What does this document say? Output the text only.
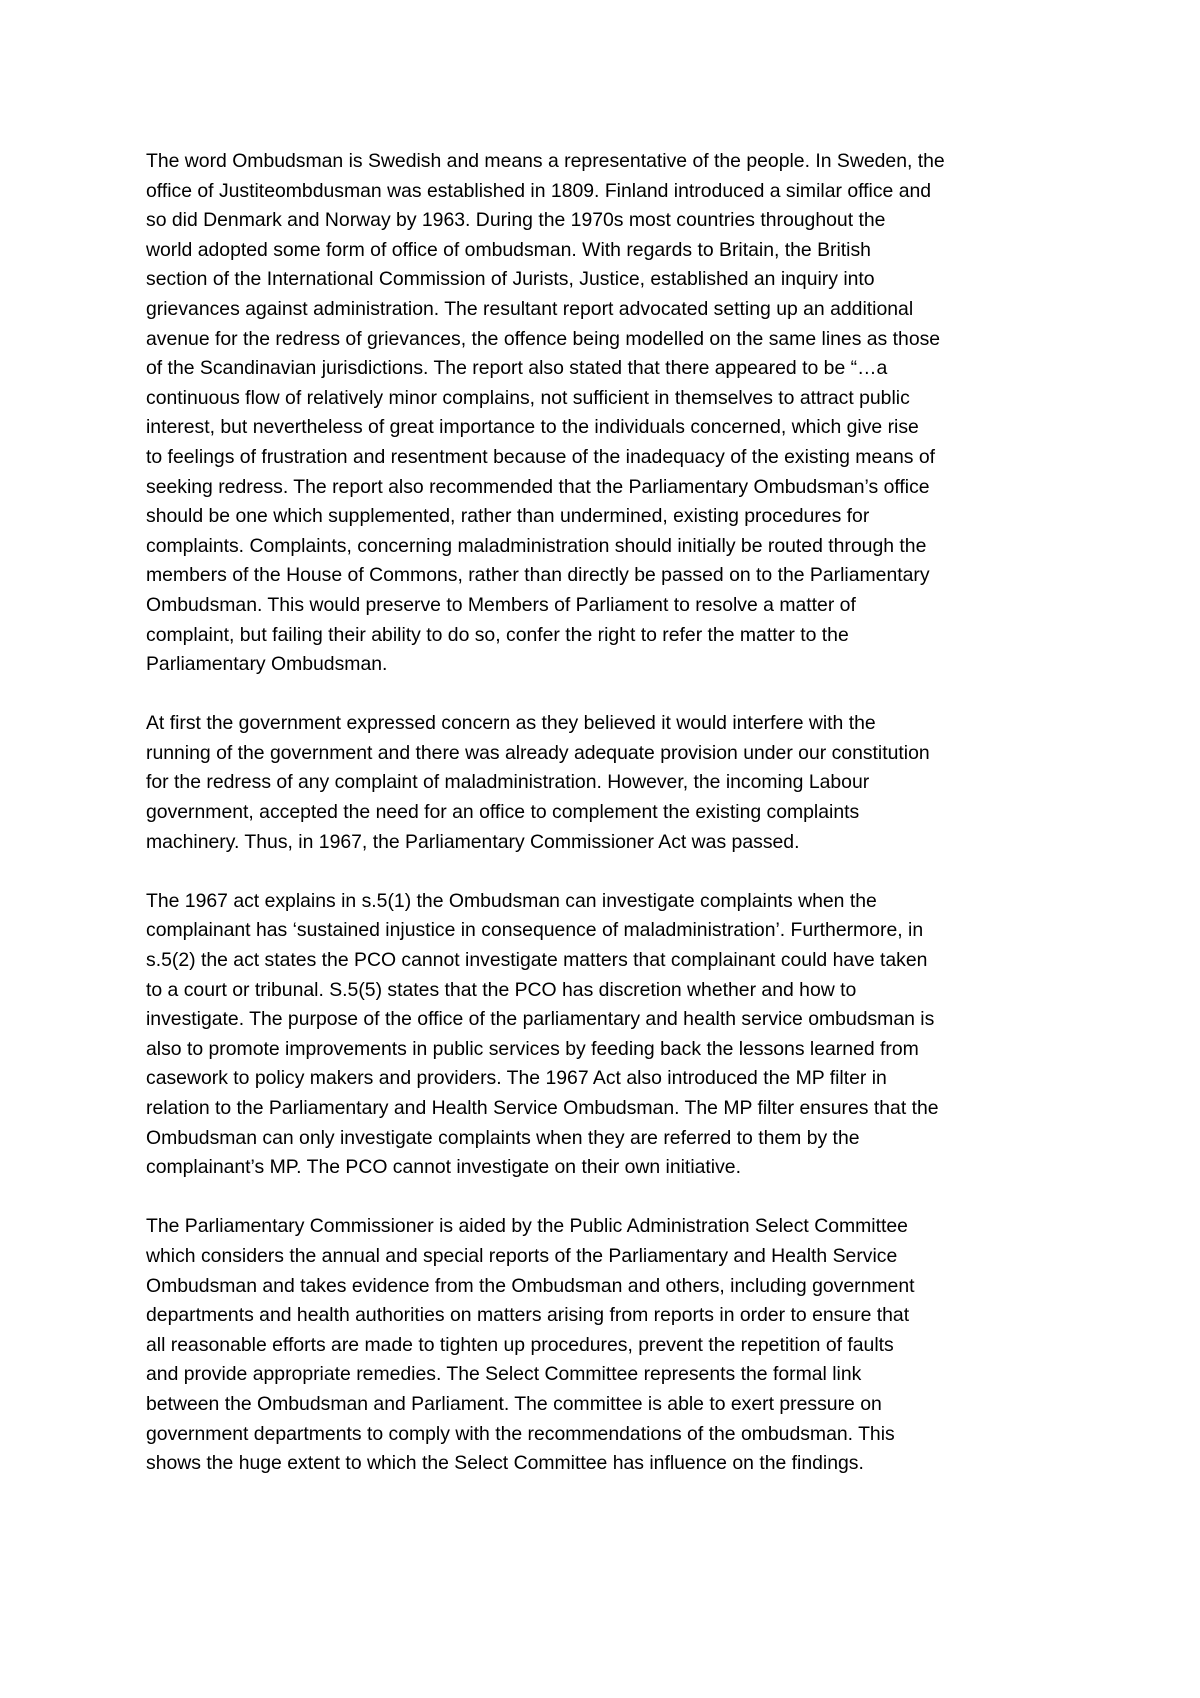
The word Ombudsman is Swedish and means a representative of the people. In Sweden, the
office of Justiteombdusman was established in 1809. Finland introduced a similar office and
so did Denmark and Norway by 1963. During the 1970s most countries throughout the
world adopted some form of office of ombudsman. With regards to Britain, the British
section of the International Commission of Jurists, Justice, established an inquiry into
grievances against administration. The resultant report advocated setting up an additional
avenue for the redress of grievances, the offence being modelled on the same lines as those
of the Scandinavian jurisdictions. The report also stated that there appeared to be “…a
continuous flow of relatively minor complains, not sufficient in themselves to attract public
interest, but nevertheless of great importance to the individuals concerned, which give rise
to feelings of frustration and resentment because of the inadequacy of the existing means of
seeking redress. The report also recommended that the Parliamentary Ombudsman’s office
should be one which supplemented, rather than undermined, existing procedures for
complaints. Complaints, concerning maladministration should initially be routed through the
members of the House of Commons, rather than directly be passed on to the Parliamentary
Ombudsman. This would preserve to Members of Parliament to resolve a matter of
complaint, but failing their ability to do so, confer the right to refer the matter to the
Parliamentary Ombudsman.
At first the government expressed concern as they believed it would interfere with the
running of the government and there was already adequate provision under our constitution
for the redress of any complaint of maladministration. However, the incoming Labour
government, accepted the need for an office to complement the existing complaints
machinery. Thus, in 1967, the Parliamentary Commissioner Act was passed.
The 1967 act explains in s.5(1) the Ombudsman can investigate complaints when the
complainant has ‘sustained injustice in consequence of maladministration’. Furthermore, in
s.5(2) the act states the PCO cannot investigate matters that complainant could have taken
to a court or tribunal. S.5(5) states that the PCO has discretion whether and how to
investigate. The purpose of the office of the parliamentary and health service ombudsman is
also to promote improvements in public services by feeding back the lessons learned from
casework to policy makers and providers. The 1967 Act also introduced the MP filter in
relation to the Parliamentary and Health Service Ombudsman. The MP filter ensures that the
Ombudsman can only investigate complaints when they are referred to them by the
complainant’s MP. The PCO cannot investigate on their own initiative.
The Parliamentary Commissioner is aided by the Public Administration Select Committee
which considers the annual and special reports of the Parliamentary and Health Service
Ombudsman and takes evidence from the Ombudsman and others, including government
departments and health authorities on matters arising from reports in order to ensure that
all reasonable efforts are made to tighten up procedures, prevent the repetition of faults
and provide appropriate remedies. The Select Committee represents the formal link
between the Ombudsman and Parliament. The committee is able to exert pressure on
government departments to comply with the recommendations of the ombudsman. This
shows the huge extent to which the Select Committee has influence on the findings.
